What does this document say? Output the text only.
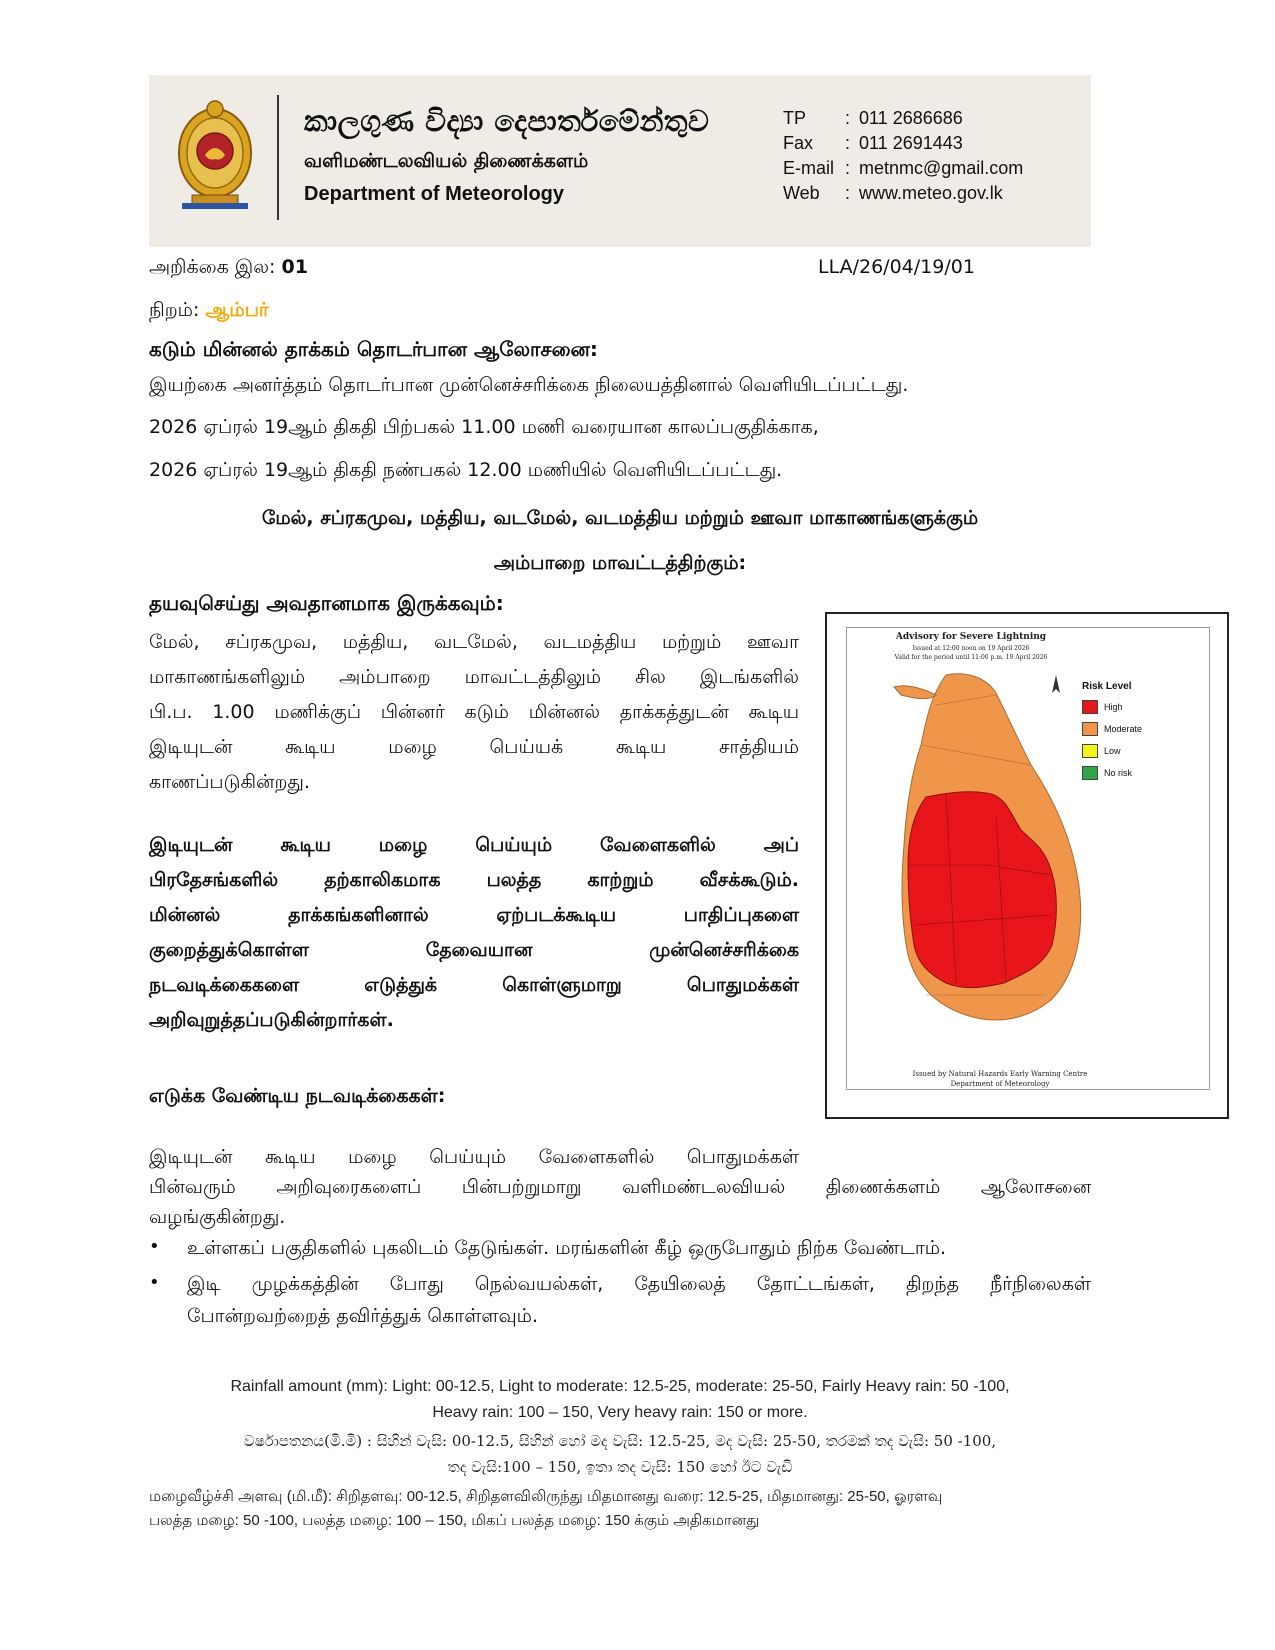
කාලගුණ විද්‍යා දෙපාර්තමේන්තුව
வளிமண்டலவியல் திணைக்களம்
Department of Meteorology
TP : 011 2686686
Fax : 011 2691443
E-mail : metnmc@gmail.com
Web : www.meteo.gov.lk
அறிக்கை இல: 01	LLA/26/04/19/01
நிறம்: ஆம்பர்
கடும் மின்னல் தாக்கம் தொடர்பான ஆலோசனை:
இயற்கை அனர்த்தம் தொடர்பான முன்னெச்சரிக்கை நிலையத்தினால் வெளியிடப்பட்டது.
2026 ஏப்ரல் 19ஆம் திகதி பிற்பகல் 11.00 மணி வரையான காலப்பகுதிக்காக,
2026 ஏப்ரல் 19ஆம் திகதி நண்பகல் 12.00 மணியில் வெளியிடப்பட்டது.
மேல், சப்ரகமுவ, மத்திய, வடமேல், வடமத்திய மற்றும் ஊவா மாகாணங்களுக்கும்
அம்பாறை மாவட்டத்திற்கும்:
தயவுசெய்து அவதானமாக இருக்கவும்:
மேல், சப்ரகமுவ, மத்திய, வடமேல், வடமத்திய மற்றும் ஊவா
மாகாணங்களிலும் அம்பாறை மாவட்டத்திலும் சில இடங்களில்
பி.ப. 1.00 மணிக்குப் பின்னர் கடும் மின்னல் தாக்கத்துடன் கூடிய
இடியுடன் கூடிய மழை பெய்யக் கூடிய சாத்தியம்
காணப்படுகின்றது.
இடியுடன் கூடிய மழை பெய்யும் வேளைகளில் அப்
பிரதேசங்களில் தற்காலிகமாக பலத்த காற்றும் வீசக்கூடும்.
மின்னல் தாக்கங்களினால் ஏற்படக்கூடிய பாதிப்புகளை
குறைத்துக்கொள்ள தேவையான முன்னெச்சரிக்கை
நடவடிக்கைகளை எடுத்துக் கொள்ளுமாறு பொதுமக்கள்
அறிவுறுத்தப்படுகின்றார்கள்.
Advisory for Severe Lightning
Issued at 12:00 noon on 19 April 2026
Valid for the period until 11:00 p.m. 19 April 2026
Risk Level
High
Moderate
Low
No risk
Issued by Natural Hazards Early Warning Centre
Department of Meteorology
எடுக்க வேண்டிய நடவடிக்கைகள்:
இடியுடன் கூடிய மழை பெய்யும் வேளைகளில் பொதுமக்கள்
பின்வரும் அறிவுரைகளைப் பின்பற்றுமாறு வளிமண்டலவியல் திணைக்களம் ஆலோசனை
வழங்குகின்றது.
• உள்ளகப் பகுதிகளில் புகலிடம் தேடுங்கள். மரங்களின் கீழ் ஒருபோதும் நிற்க வேண்டாம்.
• இடி முழக்கத்தின் போது நெல்வயல்கள், தேயிலைத் தோட்டங்கள், திறந்த நீர்நிலைகள்
போன்றவற்றைத் தவிர்த்துக் கொள்ளவும்.
Rainfall amount (mm): Light: 00-12.5, Light to moderate: 12.5-25, moderate: 25-50, Fairly Heavy rain: 50 -100,
Heavy rain: 100 – 150, Very heavy rain: 150 or more.
වර්ෂාපතනය(මි.මී) : සිහින් වැසි: 00-12.5, සිහින් හෝ මද වැසි: 12.5-25, මද වැසි: 25-50, තරමක් තද වැසි: 50 -100,
තද වැසි:100 – 150, ඉතා තද වැසි: 150 හෝ ඊට වැඩි
மழைவீழ்ச்சி அளவு (மி.மீ): சிறிதளவு: 00-12.5, சிறிதளவிலிருந்து மிதமானது வரை: 12.5-25, மிதமானது: 25-50, ஓரளவு
பலத்த மழை: 50 -100, பலத்த மழை: 100 – 150, மிகப் பலத்த மழை: 150 க்கும் அதிகமானது
